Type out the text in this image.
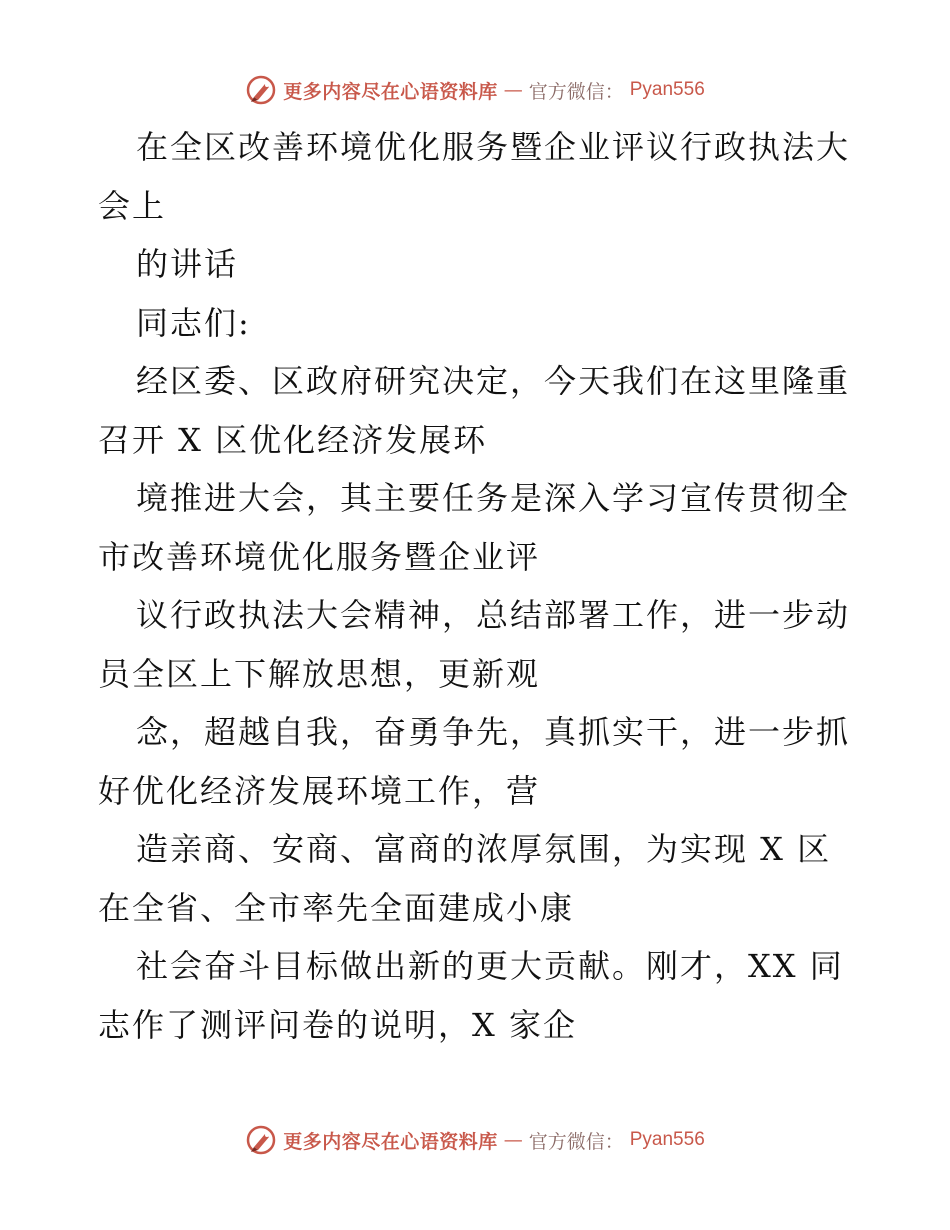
更多内容尽在心语资料库 — 官方微信： Pyan556
在全区改善环境优化服务暨企业评议行政执法大
会上
的讲话
同志们:
经区委、区政府研究决定，今天我们在这里隆重
召开 X 区优化经济发展环
境推进大会，其主要任务是深入学习宣传贯彻全
市改善环境优化服务暨企业评
议行政执法大会精神，总结部署工作，进一步动
员全区上下解放思想，更新观
念，超越自我，奋勇争先，真抓实干，进一步抓
好优化经济发展环境工作，营
造亲商、安商、富商的浓厚氛围，为实现 X 区
在全省、全市率先全面建成小康
社会奋斗目标做出新的更大贡献。刚才，XX 同
志作了测评问卷的说明，X 家企
更多内容尽在心语资料库 — 官方微信： Pyan556
